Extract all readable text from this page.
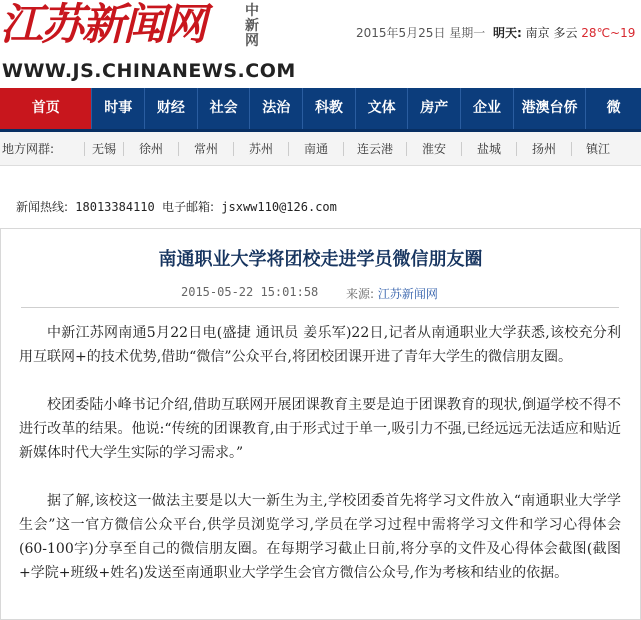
江苏新闻网	中新网
WWW.JS.CHINANEWS.COM
2015年5月25日 星期一 明天: 南京 多云 28℃~19
首页	时事	财经	社会	法治	科教	文体	房产	企业	港澳台侨	微
地方网群:	无锡	徐州	常州	苏州	南通	连云港	淮安	盐城	扬州	镇江
新闻热线: 18013384110 电子邮箱: jsxww110@126.com
南通职业大学将团校走进学员微信朋友圈
2015-05-22 15:01:58 来源: 江苏新闻网

中新江苏网南通5月22日电(盛捷 通讯员 姜乐军)22日,记者从南通职业大学获悉,该校充分利用互联网+的技术优势,借助“微信”公众平台,将团校团课开进了青年大学生的微信朋友圈。

校团委陆小峰书记介绍,借助互联网开展团课教育主要是迫于团课教育的现状,倒逼学校不得不进行改革的结果。他说:“传统的团课教育,由于形式过于单一,吸引力不强,已经远远无法适应和贴近新媒体时代大学生实际的学习需求。”

据了解,该校这一做法主要是以大一新生为主,学校团委首先将学习文件放入“南通职业大学学生会”这一官方微信公众平台,供学员浏览学习,学员在学习过程中需将学习文件和学习心得体会(60-100字)分享至自己的微信朋友圈。在每期学习截止日前,将分享的文件及心得体会截图(截图+学院+班级+姓名)发送至南通职业大学学生会官方微信公众号,作为考核和结业的依据。
